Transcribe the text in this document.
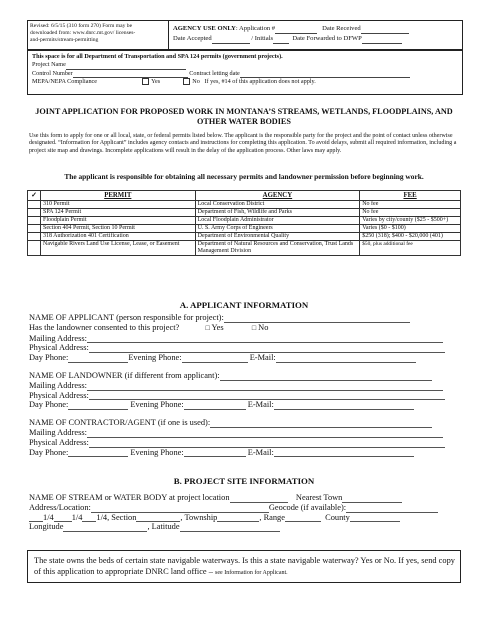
Revised: 6/5/15 (310 form 270) Form may be downloaded from: www.dnrc.mt.gov/ licenses-and-permits/stream-permitting
AGENCY USE ONLY: Application #	Date Received
Date Accepted	/ Initials	Date Forwarded to DFWP
This space is for all Department of Transportation and SPA 124 permits (government projects).
Project Name
Control Number	Contract letting date
MEPA/NEPA Compliance	Yes	No If yes, #14 of this application does not apply.
JOINT APPLICATION FOR PROPOSED WORK IN MONTANA’S STREAMS, WETLANDS, FLOODPLAINS, AND OTHER WATER BODIES
Use this form to apply for one or all local, state, or federal permits listed below. The applicant is the responsible party for the project and the point of contact unless otherwise designated. “Information for Applicant” includes agency contacts and instructions for completing this application. To avoid delays, submit all required information, including a project site map and drawings. Incomplete applications will result in the delay of the application process. Other laws may apply.
The applicant is responsible for obtaining all necessary permits and landowner permission before beginning work.
✓	PERMIT	AGENCY	FEE
	310 Permit	Local Conservation District	No fee
	SPA 124 Permit	Department of Fish, Wildlife and Parks	No fee
	Floodplain Permit	Local Floodplain Administrator	Varies by city/county ($25 - $500+)
	Section 404 Permit, Section 10 Permit	U. S. Army Corps of Engineers	Varies ($0 - $100)
	318 Authorization 401 Certification	Department of Environmental Quality	$250 (318); $400 - $20,000 (401)
	Navigable Rivers Land Use License, Lease, or Easement	Department of Natural Resources and Conservation, Trust Lands Management Division	$50, plus additional fee
A. APPLICANT INFORMATION
NAME OF APPLICANT (person responsible for project):
Has the landowner consented to this project?	□ Yes	□ No
Mailing Address:
Physical Address:
Day Phone:	Evening Phone:	E-Mail:
NAME OF LANDOWNER (if different from applicant):
Mailing Address:
Physical Address:
Day Phone:	Evening Phone:	E-Mail:
NAME OF CONTRACTOR/AGENT (if one is used):
Mailing Address:
Physical Address:
Day Phone:	Evening Phone:	E-Mail:
B. PROJECT SITE INFORMATION
NAME OF STREAM or WATER BODY at project location	Nearest Town
Address/Location:	Geocode (if available):
1/4 1/4 1/4, Section	, Township	, Range	County
Longitude	, Latitude
The state owns the beds of certain state navigable waterways. Is this a state navigable waterway? Yes or No. If yes, send copy of this application to appropriate DNRC land office – see Information for Applicant.
